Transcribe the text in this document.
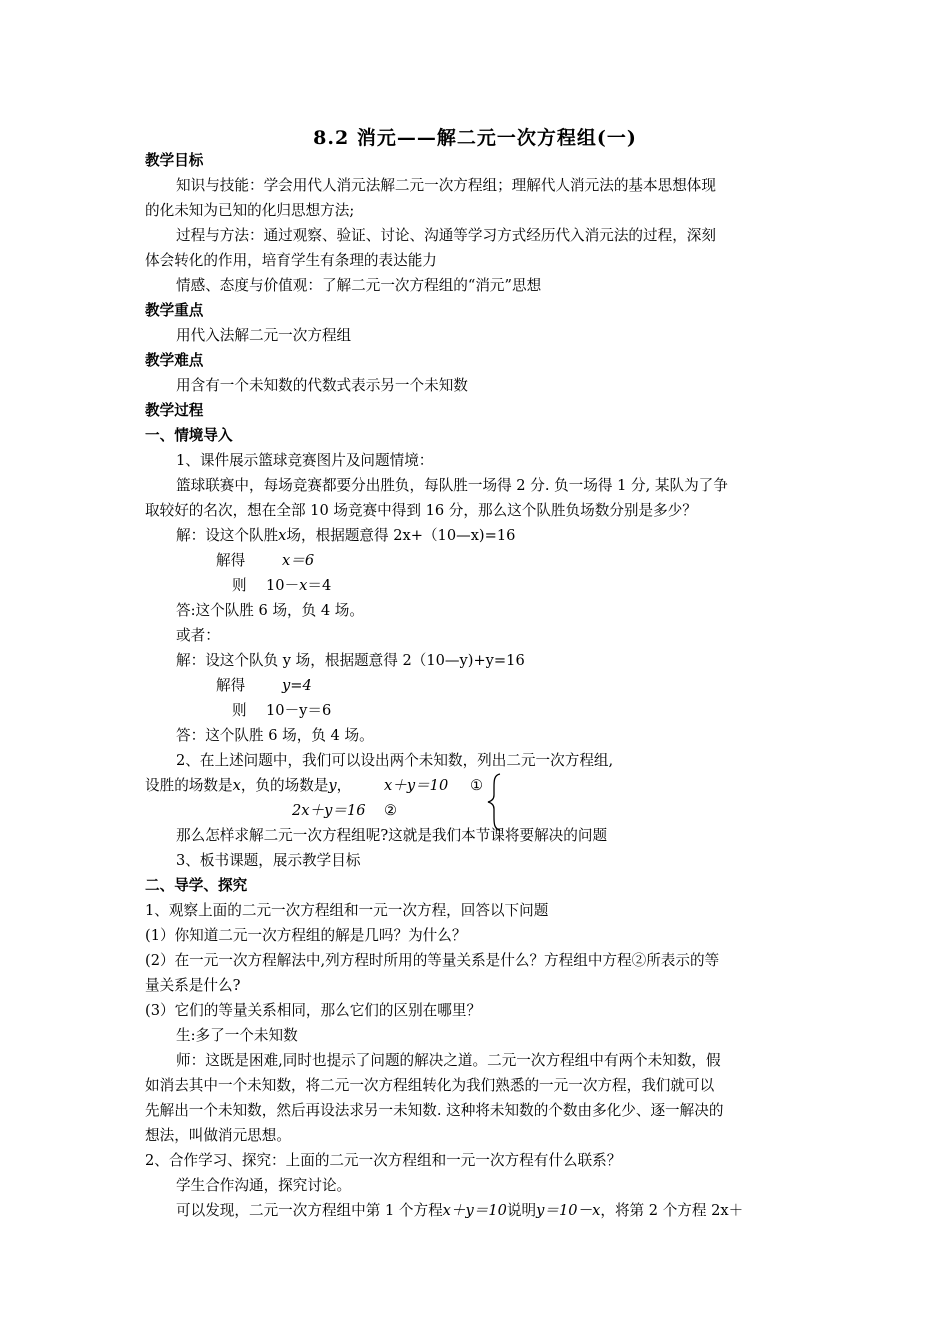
8.2 消元——解二元一次方程组(一)
教学目标
知识与技能：学会用代人消元法解二元一次方程组；理解代人消元法的基本思想体现
的化未知为已知的化归思想方法;
过程与方法：通过观察、验证、讨论、沟通等学习方式经历代入消元法的过程，深刻
体会转化的作用，培育学生有条理的表达能力
情感、态度与价值观：了解二元一次方程组的“消元”思想
教学重点
用代入法解二元一次方程组
教学难点
用含有一个未知数的代数式表示另一个未知数
教学过程
一、情境导入
1、课件展示篮球竞赛图片及问题情境：
篮球联赛中，每场竞赛都要分出胜负，每队胜一场得 2 分. 负一场得 1 分, 某队为了争
取较好的名次，想在全部 10 场竞赛中得到 16 分，那么这个队胜负场数分别是多少？
解：设这个队胜x场，根据题意得 2x+（10—x)=16
解得	x＝6
则 10－x＝4
答:这个队胜 6 场，负 4 场。
或者：
解：设这个队负 y 场，根据题意得 2（10—y)+y=16
解得	y=4
则 10－y＝6
答：这个队胜 6 场，负 4 场。
2、在上述问题中，我们可以设出两个未知数，列出二元一次方程组,
设胜的场数是x，负的场数是y， x＋y＝10 ①
2x＋y＝16 ②
那么怎样求解二元一次方程组呢?这就是我们本节课将要解决的问题
3、板书课题，展示教学目标
二、导学、探究
1、观察上面的二元一次方程组和一元一次方程，回答以下问题
(1）你知道二元一次方程组的解是几吗？为什么？
(2）在一元一次方程解法中,列方程时所用的等量关系是什么？方程组中方程②所表示的等
量关系是什么?
(3）它们的等量关系相同，那么它们的区别在哪里？
生:多了一个未知数
师：这既是困难,同时也提示了问题的解决之道。二元一次方程组中有两个未知数，假
如消去其中一个未知数，将二元一次方程组转化为我们熟悉的一元一次方程，我们就可以
先解出一个未知数，然后再设法求另一未知数. 这种将未知数的个数由多化少、逐一解决的
想法，叫做消元思想。
2、合作学习、探究：上面的二元一次方程组和一元一次方程有什么联系？
学生合作沟通，探究讨论。
可以发现，二元一次方程组中第 1 个方程x＋y＝10说明y＝10－x，将第 2 个方程 2x＋
